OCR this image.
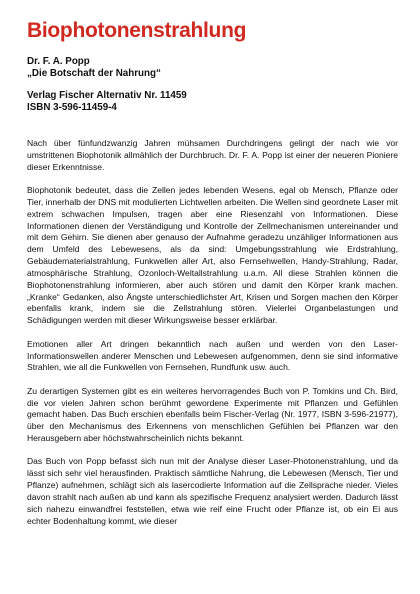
Biophotonenstrahlung
Dr. F. A. Popp
„Die Botschaft der Nahrung“
Verlag Fischer Alternativ Nr. 11459
ISBN 3-596-11459-4

Nach über fünfundzwanzig Jahren mühsamen Durchdringens gelingt der nach wie vor umstrittenen Biophotonik allmählich der Durchbruch. Dr. F. A. Popp ist einer der neueren Pioniere dieser Erkenntnisse.

Biophotonik bedeutet, dass die Zellen jedes lebenden Wesens, egal ob Mensch, Pflanze oder Tier, innerhalb der DNS mit modulierten Lichtwellen arbeiten. Die Wellen sind geordnete Laser mit extrem schwachen Impulsen, tragen aber eine Riesenzahl von Informationen. Diese Informationen dienen der Verständigung und Kontrolle der Zellmechanismen untereinander und mit dem Gehirn. Sie dienen aber genauso der Aufnahme geradezu unzähliger Informationen aus dem Umfeld des Lebewesens, als da sind: Umgebungsstrahlung wie Erdstrahlung, Gebäudematerialstrahlung, Funkwellen aller Art, also Fernsehwellen, Handy-Strahlung, Radar, atmosphärische Strahlung, Ozonloch-Weltallstrahlung u.a.m. All diese Strahlen können die Biophotonenstrahlung informieren, aber auch stören und damit den Körper krank machen. „Kranke“ Gedanken, also Ängste unterschiedlichster Art, Krisen und Sorgen machen den Körper ebenfalls krank, indem sie die Zellstrahlung stören. Vielerlei Organbelastungen und Schädigungen werden mit dieser Wirkungsweise besser erklärbar.

Emotionen aller Art dringen bekanntlich nach außen und werden von den Laser-Informationswellen anderer Menschen und Lebewesen aufgenommen, denn sie sind informative Strahlen, wie all die Funkwellen von Fernsehen, Rundfunk usw. auch.

Zu derartigen Systemen gibt es ein weiteres hervorragendes Buch von P. Tomkins und Ch. Bird, die vor vielen Jahren schon berühmt gewordene Experimente mit Pflanzen und Gefühlen gemacht haben. Das Buch erschien ebenfalls beim Fischer-Verlag (Nr. 1977, ISBN 3-596-21977), über den Mechanismus des Erkennens von menschlichen Gefühlen bei Pflanzen war den Herausgebern aber höchstwahrscheinlich nichts bekannt.

Das Buch von Popp befasst sich nun mit der Analyse dieser Laser-Photonenstrahlung, und da lässt sich sehr viel herausfinden. Praktisch sämtliche Nahrung, die Lebewesen (Mensch, Tier und Pflanze) aufnehmen, schlägt sich als lasercodierte Information auf die Zellsprache nieder. Vieles davon strahlt nach außen ab und kann als spezifische Frequenz analysiert werden. Dadurch lässt sich nahezu einwandfrei feststellen, etwa wie reif eine Frucht oder Pflanze ist, ob ein Ei aus echter Bodenhaltung kommt, wie dieser
